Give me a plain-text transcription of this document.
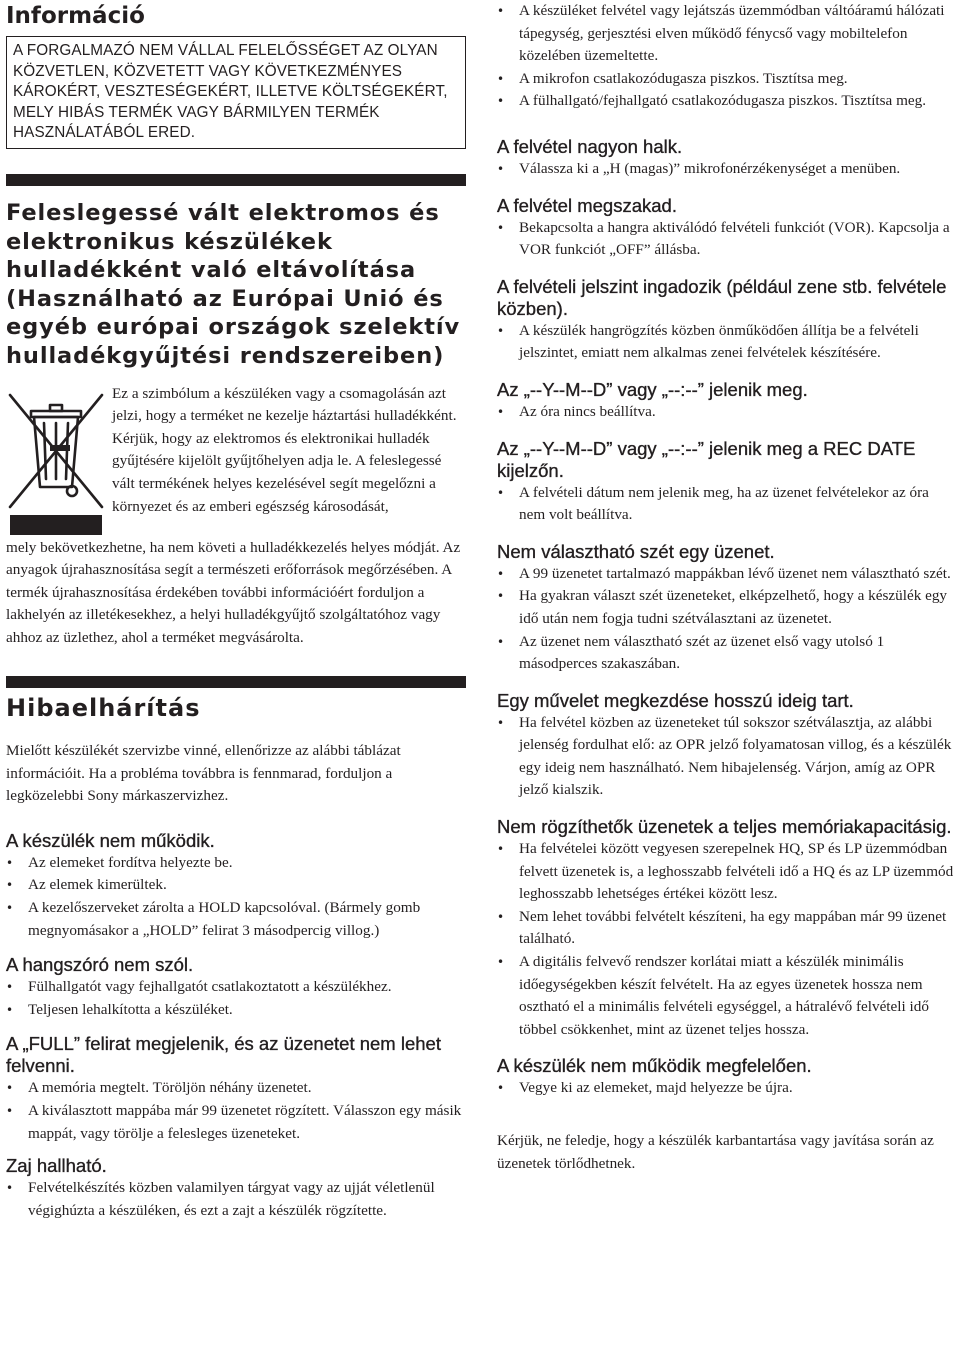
Információ
A FORGALMAZÓ NEM VÁLLAL FELELŐSSÉGET AZ OLYAN KÖZVETLEN, KÖZVETETT VAGY KÖVETKEZMÉNYES KÁROKÉRT, VESZTESÉGEKÉRT, ILLETVE KÖLTSÉGEKÉRT, MELY HIBÁS TERMÉK VAGY BÁRMILYEN TERMÉK HASZNÁLATÁBÓL ERED.
Feleslegessé vált elektromos és elektronikus készülékek hulladékként való eltávolítása (Használható az Európai Unió és egyéb európai országok szelektív hulladékgyűjtési rendszereiben)

Ez a szimbólum a készüléken vagy a csomagolásán azt jelzi, hogy a terméket ne kezelje háztartási hulladékként. Kérjük, hogy az elektromos és elektronikai hulladék gyűjtésére kijelölt gyűjtőhelyen adja le. A feleslegessé vált termékének helyes kezelésével segít megelőzni a környezet és az emberi egészség károsodását,

mely bekövetkezhetne, ha nem követi a hulladékkezelés helyes módját. Az anyagok újrahasznosítása segít a természeti erőforrások megőrzésében. A termék újrahasznosítása érdekében további információért forduljon a lakhelyén az illetékesekhez, a helyi hulladékgyűjtő szolgáltatóhoz vagy ahhoz az üzlethez, ahol a terméket megvásárolta.

Hibaelhárítás

Mielőtt készülékét szervizbe vinné, ellenőrizze az alábbi táblázat információit. Ha a probléma továbbra is fennmarad, forduljon a legközelebbi Sony márkaszervizhez.

A készülék nem működik.
• Az elemeket fordítva helyezte be.
• Az elemek kimerültek.
• A kezelőszerveket zárolta a HOLD kapcsolóval. (Bármely gomb megnyomásakor a „HOLD” felirat 3 másodpercig villog.)
A hangszóró nem szól.
• Fülhallgatót vagy fejhallgatót csatlakoztatott a készülékhez.
• Teljesen lehalkította a készüléket.
A „FULL” felirat megjelenik, és az üzenetet nem lehet felvenni.
• A memória megtelt. Töröljön néhány üzenetet.
• A kiválasztott mappába már 99 üzenetet rögzített. Válasszon egy másik mappát, vagy törölje a felesleges üzeneteket.
Zaj hallható.
• Felvételkészítés közben valamilyen tárgyat vagy az ujját véletlenül végighúzta a készüléken, és ezt a zajt a készülék rögzítette.
• A készüléket felvétel vagy lejátszás üzemmódban váltóáramú hálózati tápegység, gerjesztési elven működő fénycső vagy mobiltelefon közelében üzemeltette.
• A mikrofon csatlakozódugasza piszkos. Tisztítsa meg.
• A fülhallgató/fejhallgató csatlakozódugasza piszkos. Tisztítsa meg.
A felvétel nagyon halk.
• Válassza ki a „H (magas)” mikrofonérzékenységet a menüben.
A felvétel megszakad.
• Bekapcsolta a hangra aktiválódó felvételi funkciót (VOR). Kapcsolja a VOR funkciót „OFF” állásba.
A felvételi jelszint ingadozik (például zene stb. felvétele közben).
• A készülék hangrögzítés közben önműködően állítja be a felvételi jelszintet, emiatt nem alkalmas zenei felvételek készítésére.
Az „--Y--M--D” vagy „--:--” jelenik meg.
• Az óra nincs beállítva.
Az „--Y--M--D” vagy „--:--” jelenik meg a REC DATE kijelzőn.
• A felvételi dátum nem jelenik meg, ha az üzenet felvételekor az óra nem volt beállítva.
Nem választható szét egy üzenet.
• A 99 üzenetet tartalmazó mappákban lévő üzenet nem választható szét.
• Ha gyakran választ szét üzeneteket, elképzelhető, hogy a készülék egy idő után nem fogja tudni szétválasztani az üzenetet.
• Az üzenet nem választható szét az üzenet első vagy utolsó 1 másodperces szakaszában.
Egy művelet megkezdése hosszú ideig tart.
• Ha felvétel közben az üzeneteket túl sokszor szétválasztja, az alábbi jelenség fordulhat elő: az OPR jelző folyamatosan villog, és a készülék egy ideig nem használható. Nem hibajelenség. Várjon, amíg az OPR jelző kialszik.
Nem rögzíthetők üzenetek a teljes memóriakapacitásig.
• Ha felvételei között vegyesen szerepelnek HQ, SP és LP üzemmódban felvett üzenetek is, a leghosszabb felvételi idő a HQ és az LP üzemmód leghosszabb lehetséges értékei között lesz.
• Nem lehet további felvételt készíteni, ha egy mappában már 99 üzenet található.
• A digitális felvevő rendszer korlátai miatt a készülék minimális időegységekben készít felvételt. Ha az egyes üzenetek hossza nem osztható el a minimális felvételi egységgel, a hátralévő felvételi idő többel csökkenhet, mint az üzenet teljes hossza.
A készülék nem működik megfelelően.
• Vegye ki az elemeket, majd helyezze be újra.

Kérjük, ne feledje, hogy a készülék karbantartása vagy javítása során az üzenetek törlődhetnek.
